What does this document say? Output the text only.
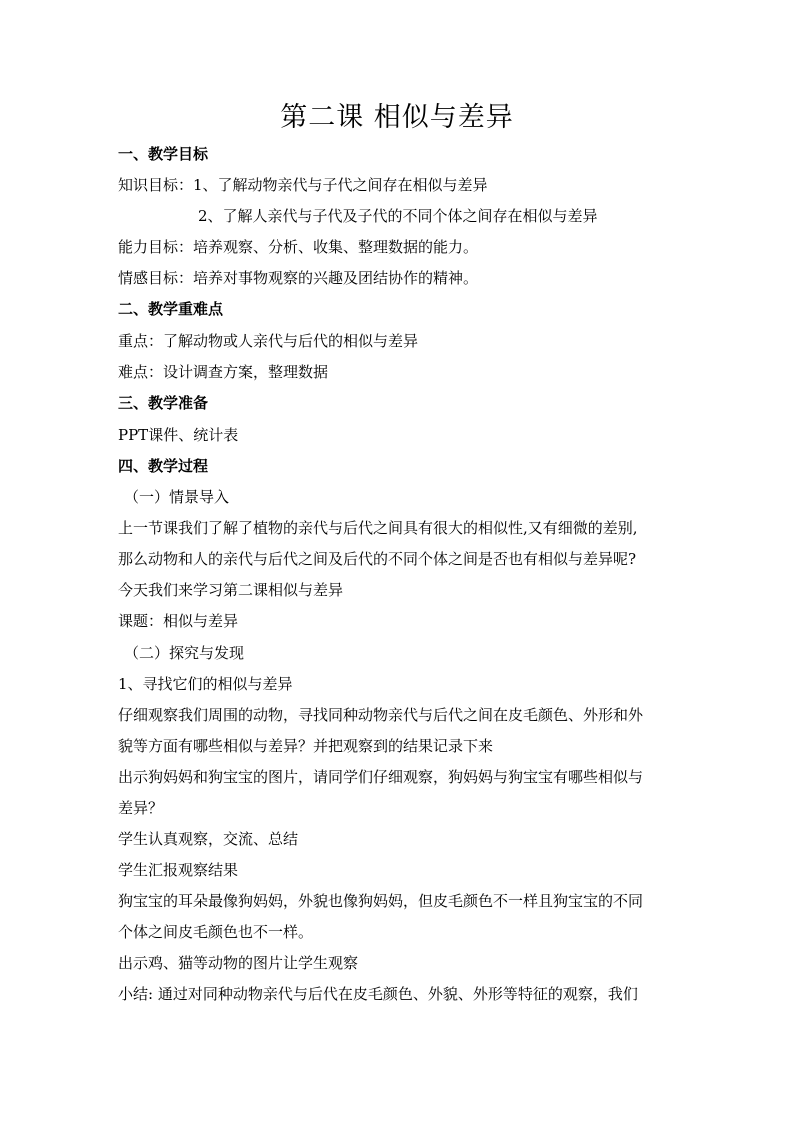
第二课 相似与差异
一、教学目标
知识目标：1、了解动物亲代与子代之间存在相似与差异
2、了解人亲代与子代及子代的不同个体之间存在相似与差异
能力目标：培养观察、分析、收集、整理数据的能力。
情感目标：培养对事物观察的兴趣及团结协作的精神。
二、教学重难点
重点：了解动物或人亲代与后代的相似与差异
难点：设计调查方案，整理数据
三、教学准备
PPT课件、统计表
四、教学过程
（一）情景导入
上一节课我们了解了植物的亲代与后代之间具有很大的相似性,又有细微的差别,
那么动物和人的亲代与后代之间及后代的不同个体之间是否也有相似与差异呢?
今天我们来学习第二课相似与差异
课题：相似与差异
（二）探究与发现
1、寻找它们的相似与差异
仔细观察我们周围的动物，寻找同种动物亲代与后代之间在皮毛颜色、外形和外
貌等方面有哪些相似与差异？并把观察到的结果记录下来
出示狗妈妈和狗宝宝的图片，请同学们仔细观察，狗妈妈与狗宝宝有哪些相似与
差异？
学生认真观察，交流、总结
学生汇报观察结果
狗宝宝的耳朵最像狗妈妈，外貌也像狗妈妈，但皮毛颜色不一样且狗宝宝的不同
个体之间皮毛颜色也不一样。
出示鸡、猫等动物的图片让学生观察
小结: 通过对同种动物亲代与后代在皮毛颜色、外貌、外形等特征的观察，我们
